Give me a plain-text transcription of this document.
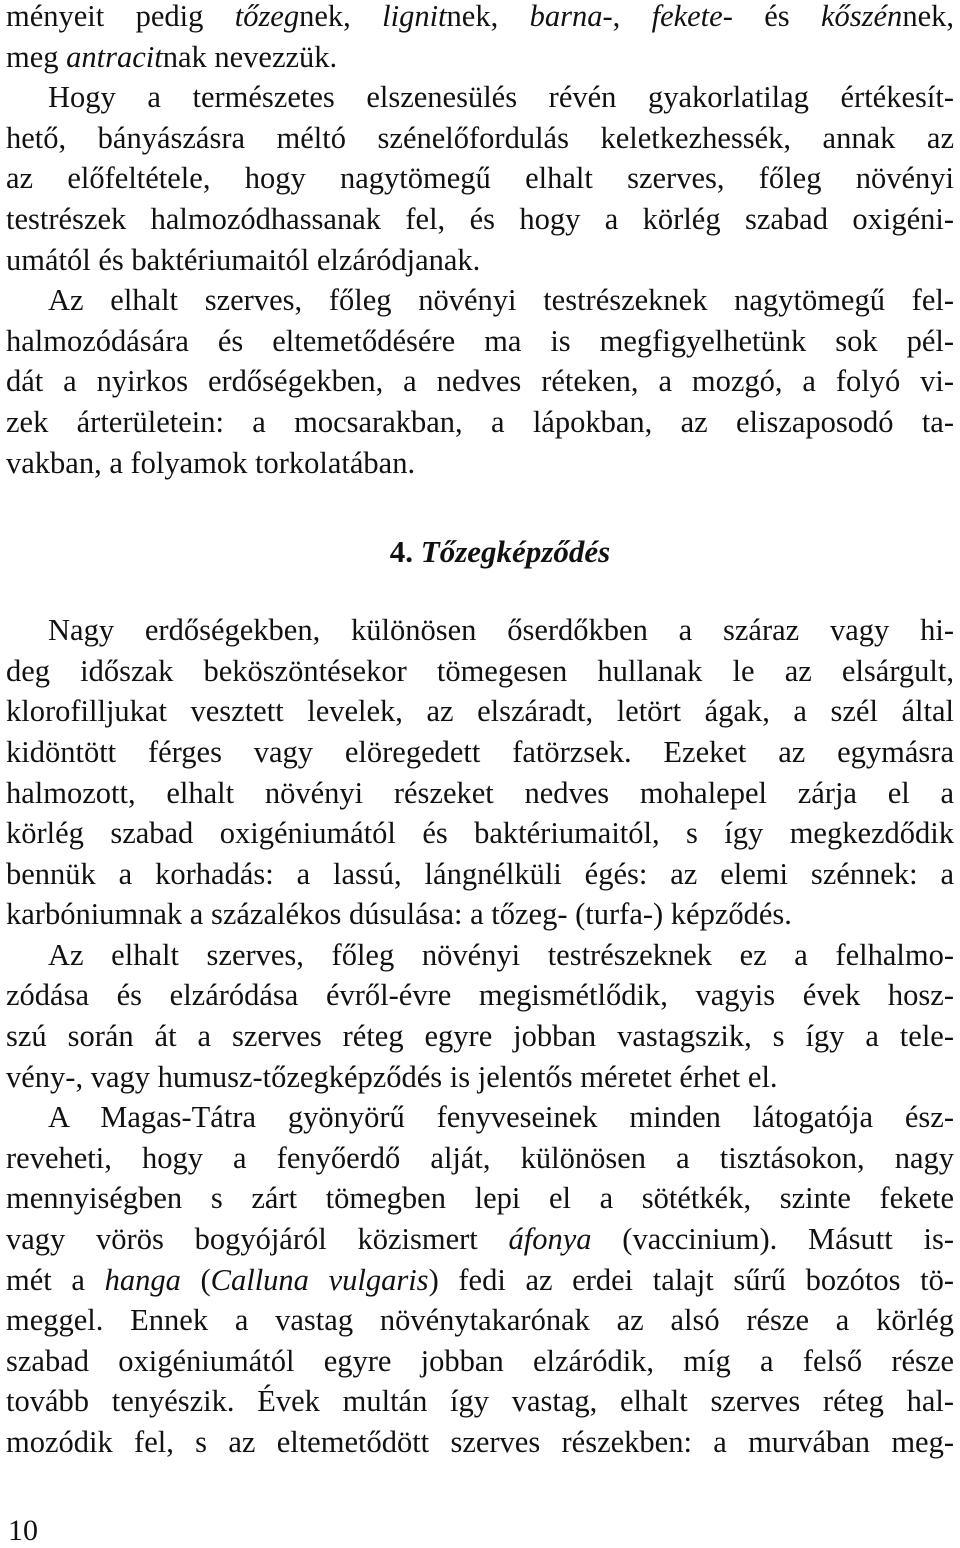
ményeit pedig tőzegnek, lignitnek, barna-, fekete- és kőszénnek,
meg antracitnak nevezzük.
Hogy a természetes elszenesülés révén gyakorlatilag értékesít-
hető, bányászásra méltó szénelőfordulás keletkezhessék, annak az
az előfeltétele, hogy nagytömegű elhalt szerves, főleg növényi
testrészek halmozódhassanak fel, és hogy a körlég szabad oxigéni-
umától és baktériumaitól elzáródjanak.
Az elhalt szerves, főleg növényi testrészeknek nagytömegű fel-
halmozódására és eltemetődésére ma is megfigyelhetünk sok pél-
dát a nyirkos erdőségekben, a nedves réteken, a mozgó, a folyó vi-
zek árterületein: a mocsarakban, a lápokban, az eliszaposodó ta-
vakban, a folyamok torkolatában.
4. Tőzegképződés
Nagy erdőségekben, különösen őserdőkben a száraz vagy hi-
deg időszak beköszöntésekor tömegesen hullanak le az elsárgult,
klorofilljukat vesztett levelek, az elszáradt, letört ágak, a szél által
kidöntött férges vagy elöregedett fatörzsek. Ezeket az egymásra
halmozott, elhalt növényi részeket nedves mohalepel zárja el a
körlég szabad oxigéniumától és baktériumaitól, s így megkezdődik
bennük a korhadás: a lassú, lángnélküli égés: az elemi szénnek: a
karbóniumnak a százalékos dúsulása: a tőzeg- (turfa-) képződés.
Az elhalt szerves, főleg növényi testrészeknek ez a felhalmo-
zódása és elzáródása évről-évre megismétlődik, vagyis évek hosz-
szú során át a szerves réteg egyre jobban vastagszik, s így a tele-
vény-, vagy humusz-tőzegképződés is jelentős méretet érhet el.
A Magas-Tátra gyönyörű fenyveseinek minden látogatója ész-
reveheti, hogy a fenyőerdő alját, különösen a tisztásokon, nagy
mennyiségben s zárt tömegben lepi el a sötétkék, szinte fekete
vagy vörös bogyójáról közismert áfonya (vaccinium). Másutt is-
mét a hanga (Calluna vulgaris) fedi az erdei talajt sűrű bozótos tö-
meggel. Ennek a vastag növénytakarónak az alsó része a körlég
szabad oxigéniumától egyre jobban elzáródik, míg a felső része
tovább tenyészik. Évek multán így vastag, elhalt szerves réteg hal-
mozódik fel, s az eltemetődött szerves részekben: a murvában meg-
10
